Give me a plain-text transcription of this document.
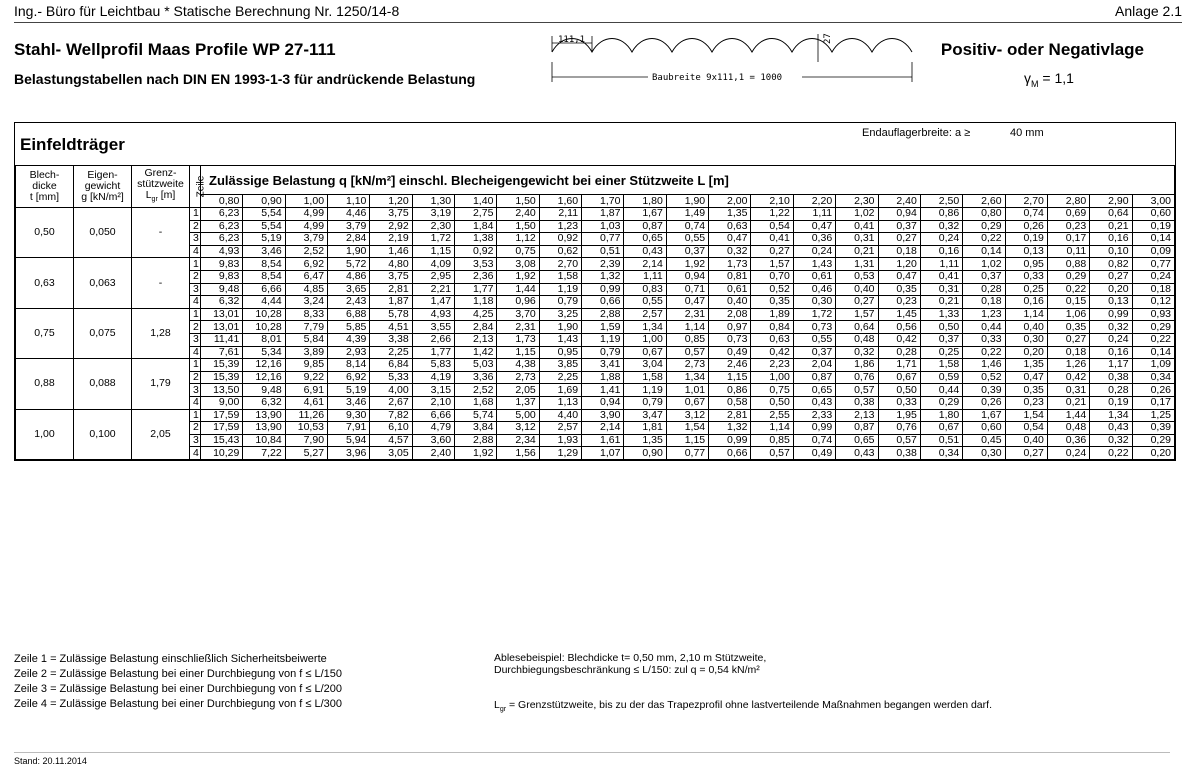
Ing.- Büro für Leichtbau * Statische Berechnung Nr. 1250/14-8	Anlage 2.1
Stahl- Wellprofil Maas Profile WP 27-111
Belastungstabellen nach DIN EN 1993-1-3 für andrückende Belastung
111,1	27
Baubreite 9x111,1 = 1000
Positiv- oder Negativlage
$\gamma_M = 1,1$
Einfeldträger
Endauflagerbreite: a ≥	40 mm
Blech-
dicke
t [mm]	Eigen-
gewicht
g [kN/m²]	Grenz-
stützweite
$L_{gr}$ [m]	Zeile	Zulässige Belastung q [kN/m²] einschl. Blecheigengewicht bei einer Stützweite L [m]																						
				0,80	0,90	1,00	1,10	1,20	1,30	1,40	1,50	1,60	1,70	1,80	1,90	2,00	2,10	2,20	2,30	2,40	2,50	2,60	2,70	2,80	2,90	3,00
0,50	0,050	-	1	6,23	5,54	4,99	4,46	3,75	3,19	2,75	2,40	2,11	1,87	1,67	1,49	1,35	1,22	1,11	1,02	0,94	0,86	0,80	0,74	0,69	0,64	0,60
			2	6,23	5,54	4,99	3,79	2,92	2,30	1,84	1,50	1,23	1,03	0,87	0,74	0,63	0,54	0,47	0,41	0,37	0,32	0,29	0,26	0,23	0,21	0,19
			3	6,23	5,19	3,79	2,84	2,19	1,72	1,38	1,12	0,92	0,77	0,65	0,55	0,47	0,41	0,36	0,31	0,27	0,24	0,22	0,19	0,17	0,16	0,14
			4	4,93	3,46	2,52	1,90	1,46	1,15	0,92	0,75	0,62	0,51	0,43	0,37	0,32	0,27	0,24	0,21	0,18	0,16	0,14	0,13	0,11	0,10	0,09
0,63	0,063	-	1	9,83	8,54	6,92	5,72	4,80	4,09	3,53	3,08	2,70	2,39	2,14	1,92	1,73	1,57	1,43	1,31	1,20	1,11	1,02	0,95	0,88	0,82	0,77
			2	9,83	8,54	6,47	4,86	3,75	2,95	2,36	1,92	1,58	1,32	1,11	0,94	0,81	0,70	0,61	0,53	0,47	0,41	0,37	0,33	0,29	0,27	0,24
			3	9,48	6,66	4,85	3,65	2,81	2,21	1,77	1,44	1,19	0,99	0,83	0,71	0,61	0,52	0,46	0,40	0,35	0,31	0,28	0,25	0,22	0,20	0,18
			4	6,32	4,44	3,24	2,43	1,87	1,47	1,18	0,96	0,79	0,66	0,55	0,47	0,40	0,35	0,30	0,27	0,23	0,21	0,18	0,16	0,15	0,13	0,12
0,75	0,075	1,28	1	13,01	10,28	8,33	6,88	5,78	4,93	4,25	3,70	3,25	2,88	2,57	2,31	2,08	1,89	1,72	1,57	1,45	1,33	1,23	1,14	1,06	0,99	0,93
			2	13,01	10,28	7,79	5,85	4,51	3,55	2,84	2,31	1,90	1,59	1,34	1,14	0,97	0,84	0,73	0,64	0,56	0,50	0,44	0,40	0,35	0,32	0,29
			3	11,41	8,01	5,84	4,39	3,38	2,66	2,13	1,73	1,43	1,19	1,00	0,85	0,73	0,63	0,55	0,48	0,42	0,37	0,33	0,30	0,27	0,24	0,22
			4	7,61	5,34	3,89	2,93	2,25	1,77	1,42	1,15	0,95	0,79	0,67	0,57	0,49	0,42	0,37	0,32	0,28	0,25	0,22	0,20	0,18	0,16	0,14
0,88	0,088	1,79	1	15,39	12,16	9,85	8,14	6,84	5,83	5,03	4,38	3,85	3,41	3,04	2,73	2,46	2,23	2,04	1,86	1,71	1,58	1,46	1,35	1,26	1,17	1,09
			2	15,39	12,16	9,22	6,92	5,33	4,19	3,36	2,73	2,25	1,88	1,58	1,34	1,15	1,00	0,87	0,76	0,67	0,59	0,52	0,47	0,42	0,38	0,34
			3	13,50	9,48	6,91	5,19	4,00	3,15	2,52	2,05	1,69	1,41	1,19	1,01	0,86	0,75	0,65	0,57	0,50	0,44	0,39	0,35	0,31	0,28	0,26
			4	9,00	6,32	4,61	3,46	2,67	2,10	1,68	1,37	1,13	0,94	0,79	0,67	0,58	0,50	0,43	0,38	0,33	0,29	0,26	0,23	0,21	0,19	0,17
1,00	0,100	2,05	1	17,59	13,90	11,26	9,30	7,82	6,66	5,74	5,00	4,40	3,90	3,47	3,12	2,81	2,55	2,33	2,13	1,95	1,80	1,67	1,54	1,44	1,34	1,25
			2	17,59	13,90	10,53	7,91	6,10	4,79	3,84	3,12	2,57	2,14	1,81	1,54	1,32	1,14	0,99	0,87	0,76	0,67	0,60	0,54	0,48	0,43	0,39
			3	15,43	10,84	7,90	5,94	4,57	3,60	2,88	2,34	1,93	1,61	1,35	1,15	0,99	0,85	0,74	0,65	0,57	0,51	0,45	0,40	0,36	0,32	0,29
			4	10,29	7,22	5,27	3,96	3,05	2,40	1,92	1,56	1,29	1,07	0,90	0,77	0,66	0,57	0,49	0,43	0,38	0,34	0,30	0,27	0,24	0,22	0,20
Zeile 1 = Zulässige Belastung einschließlich Sicherheitsbeiwerte
Zeile 2 = Zulässige Belastung bei einer Durchbiegung von f ≤ L/150
Zeile 3 = Zulässige Belastung bei einer Durchbiegung von f ≤ L/200
Zeile 4 = Zulässige Belastung bei einer Durchbiegung von f ≤ L/300
Ablesebeispiel: Blechdicke t= 0,50 mm, 2,10 m Stützweite,
Durchbiegungsbeschränkung ≤ L/150: zul q = 0,54 kN/m²
$L_{gr}$ = Grenzstützweite, bis zu der das Trapezprofil ohne lastverteilende Maßnahmen begangen werden darf.
Stand: 20.11.2014
